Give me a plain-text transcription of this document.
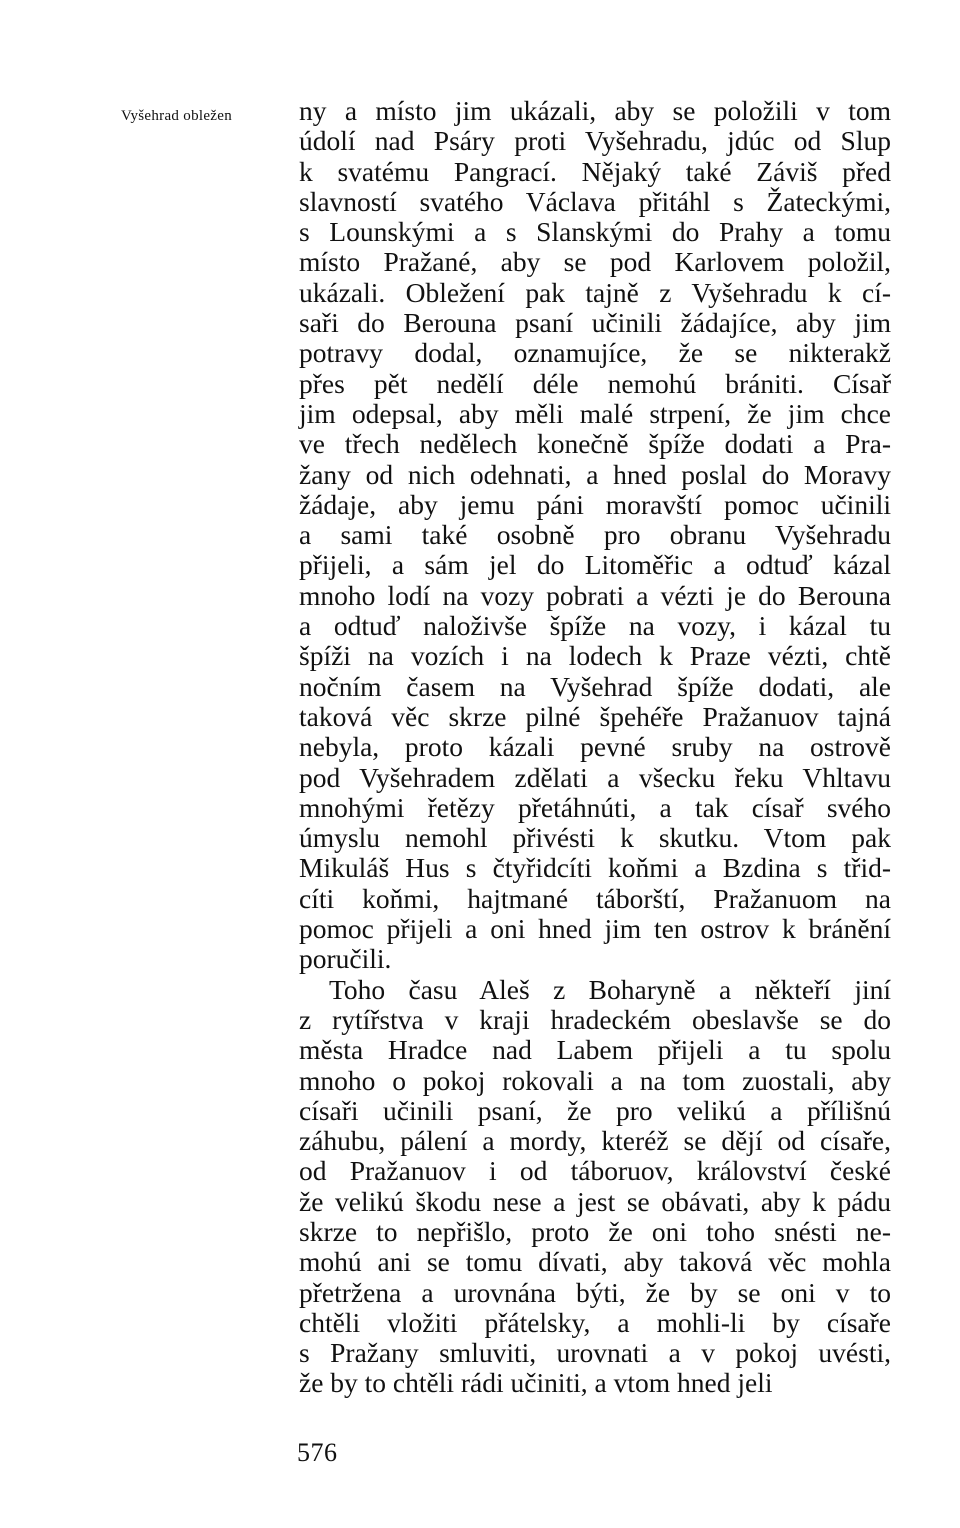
Vyšehrad obležen ny a místo jim ukázali, aby se položili v tom
údolí nad Psáry proti Vyšehradu, jdúc od Slup
k svatému Pangrací. Nějaký také Záviš před
slavností svatého Václava přitáhl s Žateckými,
s Lounskými a s Slanskými do Prahy a tomu
místo Pražané, aby se pod Karlovem položil,
ukázali. Obležení pak tajně z Vyšehradu k cí-
saři do Berouna psaní učinili žádajíce, aby jim
potravy dodal, oznamujíce, že se nikterakž
přes pět nedělí déle nemohú brániti. Císař
jim odepsal, aby měli malé strpení, že jim chce
ve třech nedělech konečně špíže dodati a Pra-
žany od nich odehnati, a hned poslal do Moravy
žádaje, aby jemu páni moravští pomoc učinili
a sami také osobně pro obranu Vyšehradu
přijeli, a sám jel do Litoměřic a odtuď kázal
mnoho lodí na vozy pobrati a vézti je do Berouna
a odtuď naloživše špíže na vozy, i kázal tu
špíži na vozích i na lodech k Praze vézti, chtě
nočním časem na Vyšehrad špíže dodati, ale
taková věc skrze pilné špehéře Pražanuov tajná
nebyla, proto kázali pevné sruby na ostrově
pod Vyšehradem zdělati a všecku řeku Vhltavu
mnohými řetězy přetáhnúti, a tak císař svého
úmyslu nemohl přivésti k skutku. Vtom pak
Mikuláš Hus s čtyřidcíti koňmi a Bzdina s třid-
cíti koňmi, hajtmané táborští, Pražanuom na
pomoc přijeli a oni hned jim ten ostrov k bránění
poručili.
Toho času Aleš z Boharyně a někteří jiní
z rytířstva v kraji hradeckém obeslavše se do
města Hradce nad Labem přijeli a tu spolu
mnoho o pokoj rokovali a na tom zuostali, aby
císaři učinili psaní, že pro velikú a přílišnú
záhubu, pálení a mordy, kteréž se dějí od císaře,
od Pražanuov i od táboruov, království české
že velikú škodu nese a jest se obávati, aby k pádu
skrze to nepřišlo, proto že oni toho snésti ne-
mohú ani se tomu dívati, aby taková věc mohla
přetržena a urovnána býti, že by se oni v to
chtěli vložiti přátelsky, a mohli-li by císaře
s Pražany smluviti, urovnati a v pokoj uvésti,
že by to chtěli rádi učiniti, a vtom hned jeli
576
